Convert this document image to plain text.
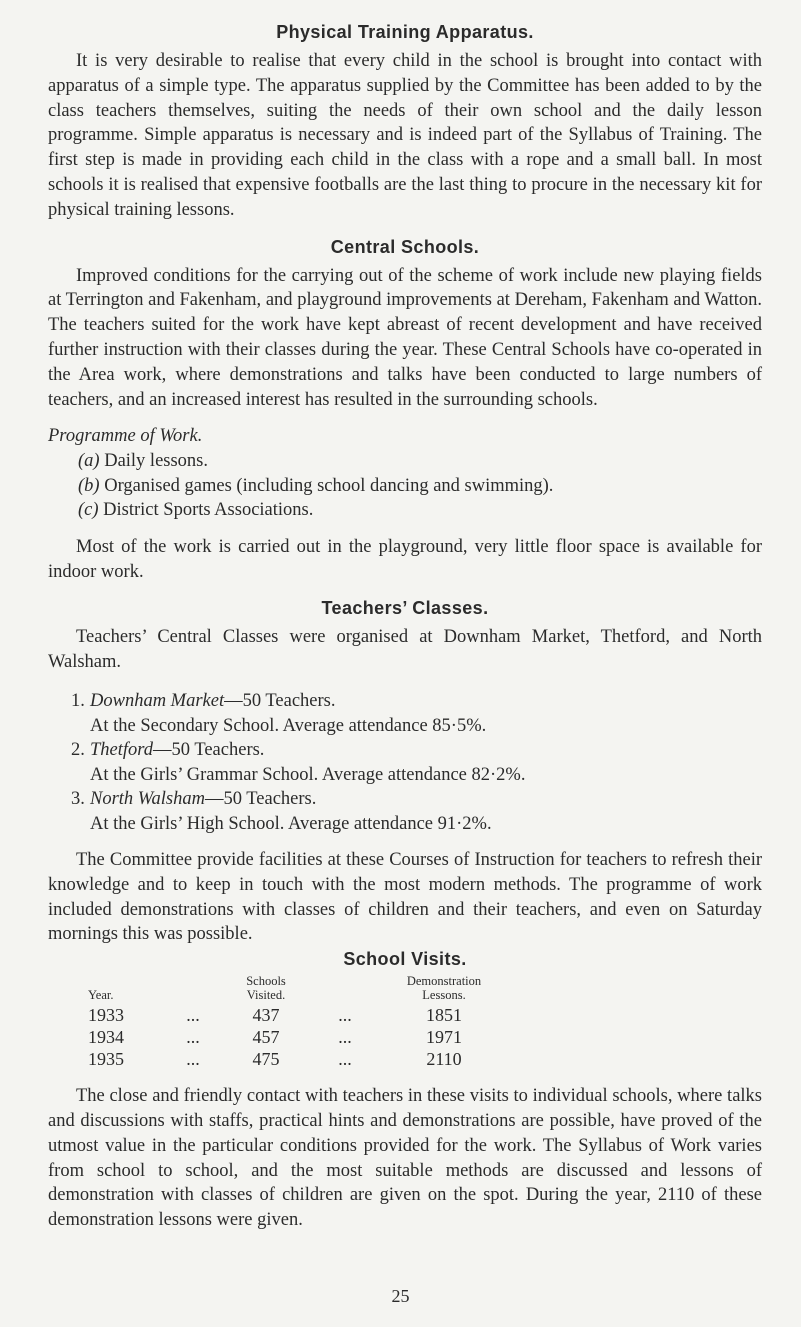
Physical Training Apparatus.

It is very desirable to realise that every child in the school is brought into contact with apparatus of a simple type. The apparatus supplied by the Committee has been added to by the class teachers themselves, suiting the needs of their own school and the daily lesson programme. Simple apparatus is necessary and is indeed part of the Syllabus of Training. The first step is made in providing each child in the class with a rope and a small ball. In most schools it is realised that expensive footballs are the last thing to procure in the necessary kit for physical training lessons.

Central Schools.

Improved conditions for the carrying out of the scheme of work include new playing fields at Terrington and Fakenham, and playground improvements at Dereham, Fakenham and Watton. The teachers suited for the work have kept abreast of recent development and have received further instruction with their classes during the year. These Central Schools have co-operated in the Area work, where demonstrations and talks have been conducted to large numbers of teachers, and an increased interest has resulted in the surrounding schools.

Programme of Work.
(a) Daily lessons.
(b) Organised games (including school dancing and swimming).
(c) District Sports Associations.

Most of the work is carried out in the playground, very little floor space is available for indoor work.

Teachers’ Classes.

Teachers’ Central Classes were organised at Downham Market, Thetford, and North Walsham.

1. Downham Market—50 Teachers.
At the Secondary School. Average attendance 85·5%.
2. Thetford—50 Teachers.
At the Girls’ Grammar School. Average attendance 82·2%.
3. North Walsham—50 Teachers.
At the Girls’ High School. Average attendance 91·2%.

The Committee provide facilities at these Courses of Instruction for teachers to refresh their knowledge and to keep in touch with the most modern methods. The programme of work included demonstrations with classes of children and their teachers, and even on Saturday mornings this was possible.

School Visits.
Year.		Schools Visited.		Demonstration Lessons.
1933	...	437	...	1851
1934	...	457	...	1971
1935	...	475	...	2110

The close and friendly contact with teachers in these visits to individual schools, where talks and discussions with staffs, practical hints and demonstrations are possible, have proved of the utmost value in the particular conditions provided for the work. The Syllabus of Work varies from school to school, and the most suitable methods are discussed and lessons of demonstration with classes of children are given on the spot. During the year, 2110 of these demonstration lessons were given.

25
